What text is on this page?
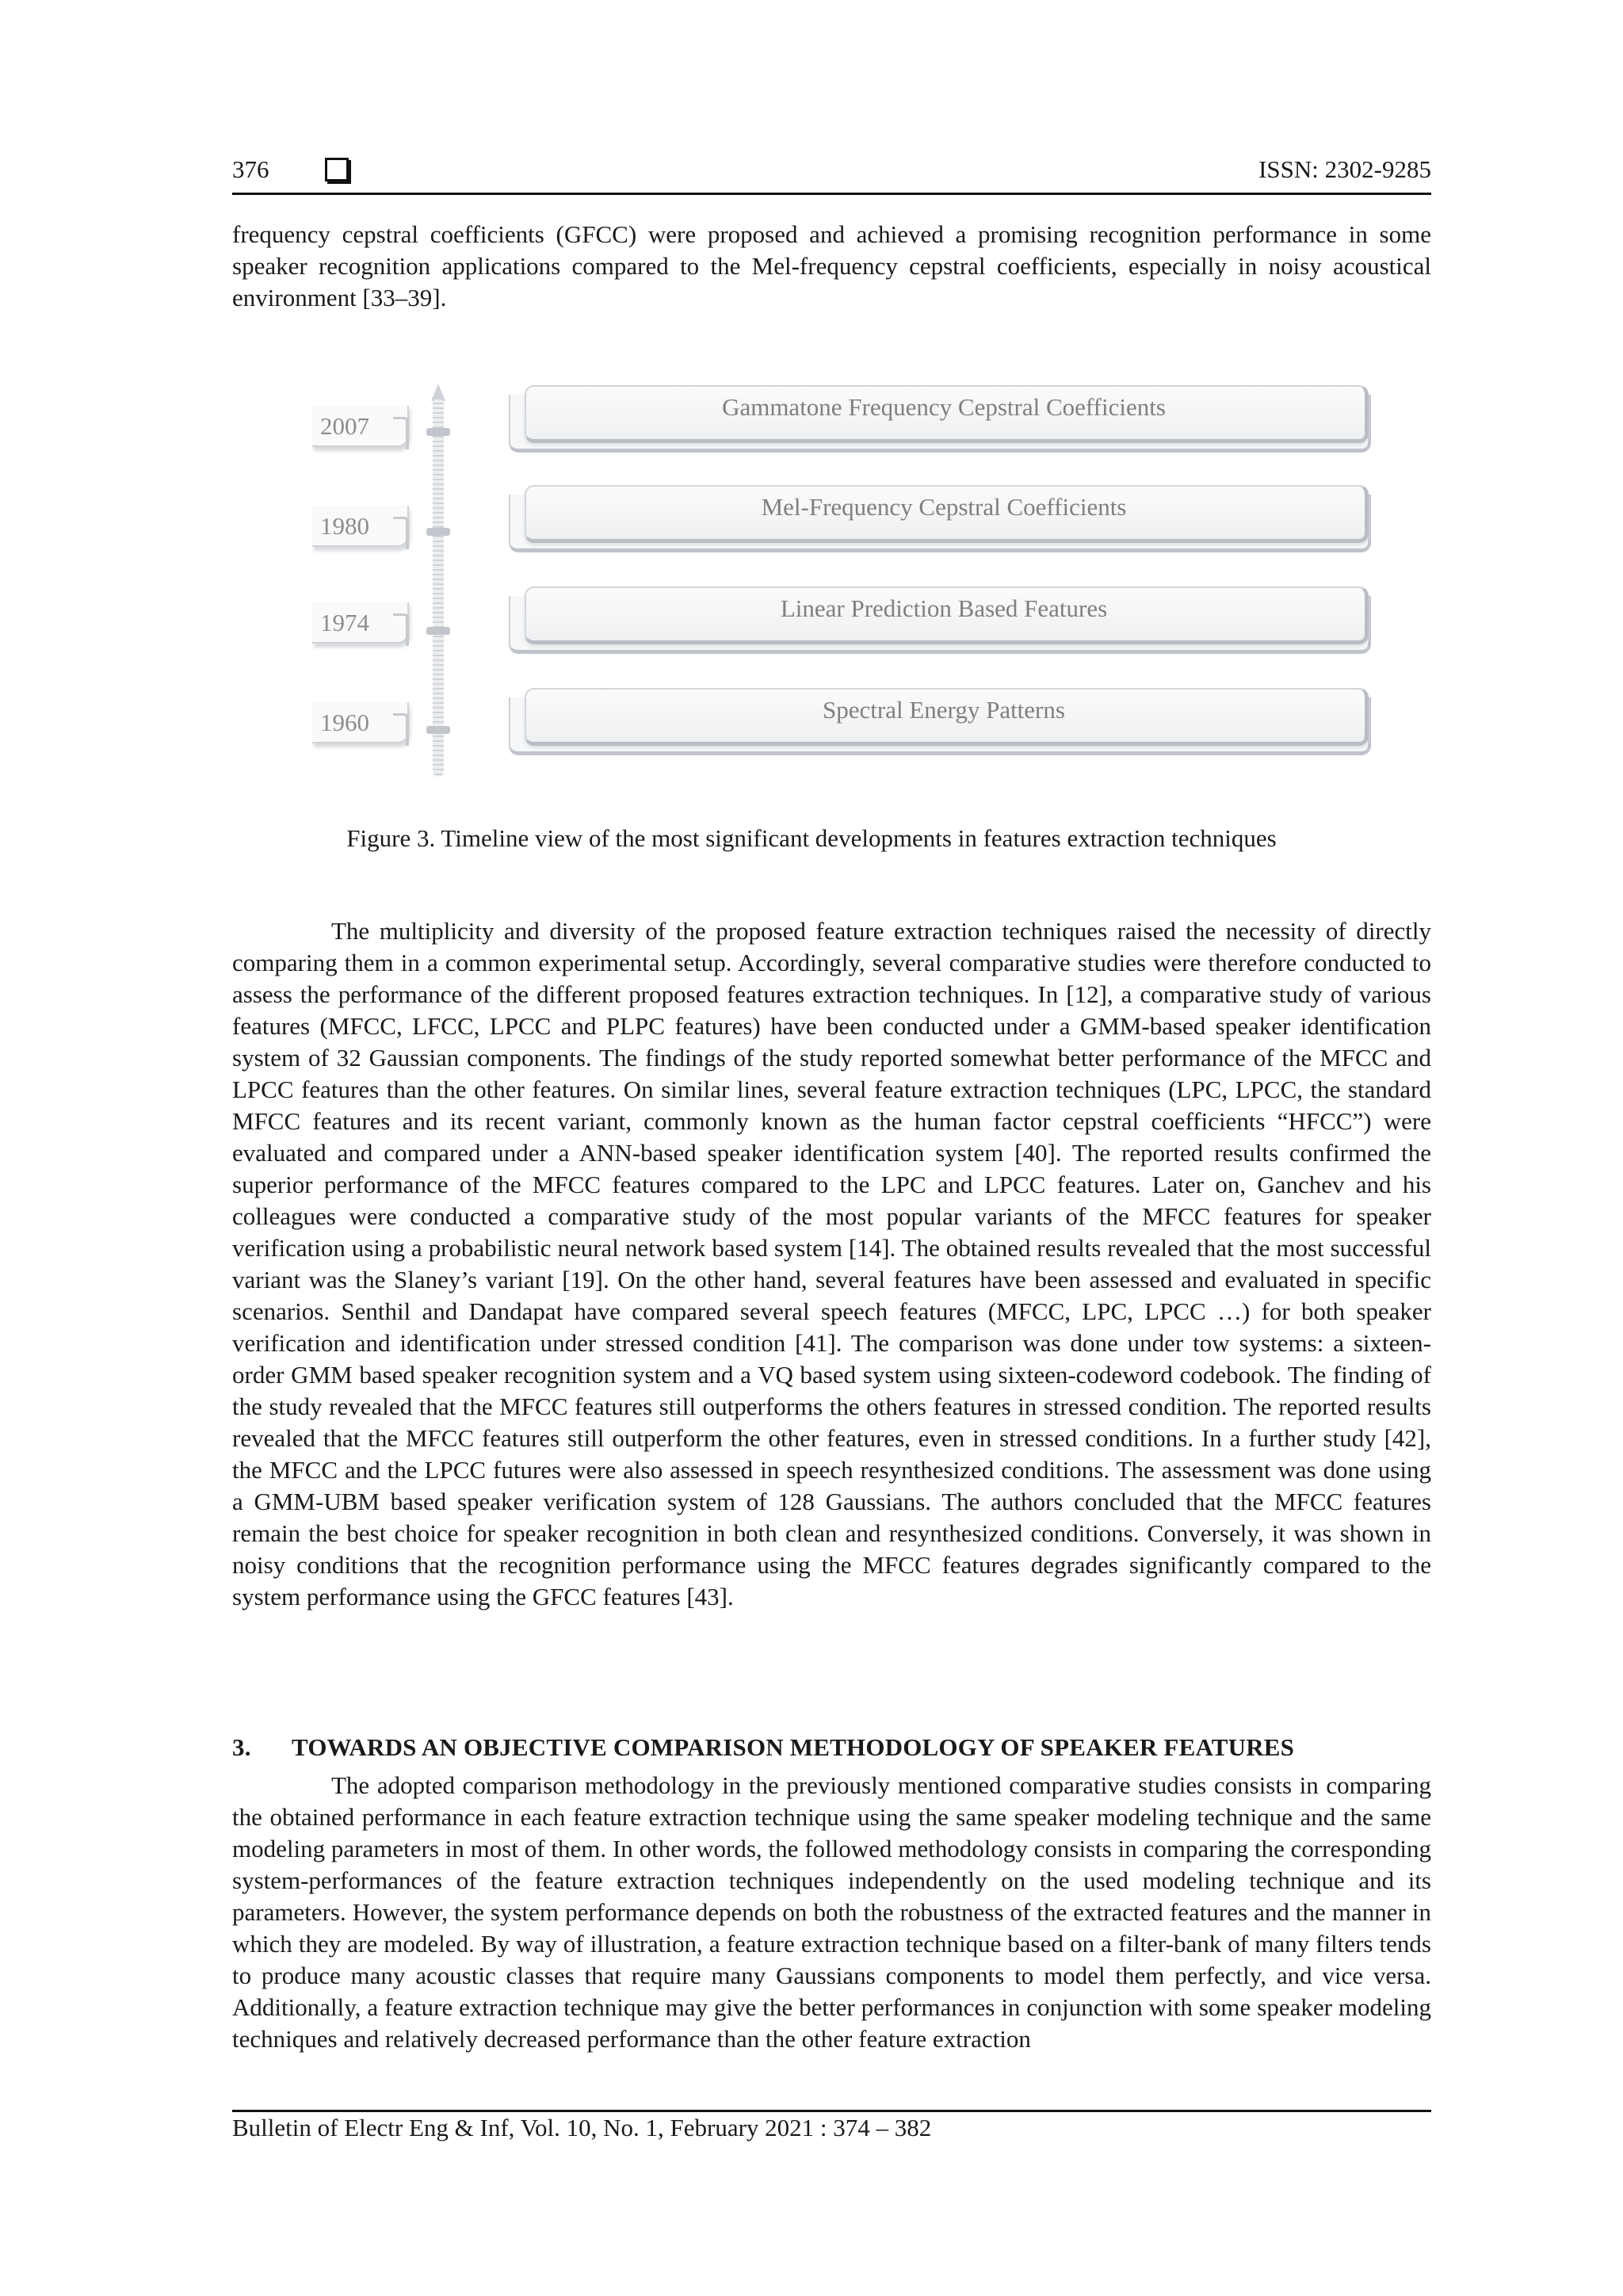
376	ISSN: 2302-9285

frequency cepstral coefficients (GFCC) were proposed and achieved a promising recognition performance in some speaker recognition applications compared to the Mel-frequency cepstral coefficients, especially in noisy acoustical environment [33–39].

2007
Gammatone Frequency Cepstral Coefficients
1980
Mel-Frequency Cepstral Coefficients
1974
Linear Prediction Based Features
1960	Spectral Energy Patterns
Figure 3. Timeline view of the most significant developments in features extraction techniques

The multiplicity and diversity of the proposed feature extraction techniques raised the necessity of directly comparing them in a common experimental setup. Accordingly, several comparative studies were therefore conducted to assess the performance of the different proposed features extraction techniques. In [12], a comparative study of various features (MFCC, LFCC, LPCC and PLPC features) have been conducted under a GMM-based speaker identification system of 32 Gaussian components. The findings of the study reported somewhat better performance of the MFCC and LPCC features than the other features. On similar lines, several feature extraction techniques (LPC, LPCC, the standard MFCC features and its recent variant, commonly known as the human factor cepstral coefficients “HFCC”) were evaluated and compared under a ANN-based speaker identification system [40]. The reported results confirmed the superior performance of the MFCC features compared to the LPC and LPCC features. Later on, Ganchev and his colleagues were conducted a comparative study of the most popular variants of the MFCC features for speaker verification using a probabilistic neural network based system [14]. The obtained results revealed that the most successful variant was the Slaney’s variant [19]. On the other hand, several features have been assessed and evaluated in specific scenarios. Senthil and Dandapat have compared several speech features (MFCC, LPC, LPCC …) for both speaker verification and identification under stressed condition [41]. The comparison was done under tow systems: a sixteen-order GMM based speaker recognition system and a VQ based system using sixteen-codeword codebook. The finding of the study revealed that the MFCC features still outperforms the others features in stressed condition. The reported results revealed that the MFCC features still outperform the other features, even in stressed conditions. In a further study [42], the MFCC and the LPCC futures were also assessed in speech resynthesized conditions. The assessment was done using a GMM-UBM based speaker verification system of 128 Gaussians. The authors concluded that the MFCC features remain the best choice for speaker recognition in both clean and resynthesized conditions. Conversely, it was shown in noisy conditions that the recognition performance using the MFCC features degrades significantly compared to the system performance using the GFCC features [43].

3. TOWARDS AN OBJECTIVE COMPARISON METHODOLOGY OF SPEAKER FEATURES

The adopted comparison methodology in the previously mentioned comparative studies consists in comparing the obtained performance in each feature extraction technique using the same speaker modeling technique and the same modeling parameters in most of them. In other words, the followed methodology consists in comparing the corresponding system-performances of the feature extraction techniques independently on the used modeling technique and its parameters. However, the system performance depends on both the robustness of the extracted features and the manner in which they are modeled. By way of illustration, a feature extraction technique based on a filter-bank of many filters tends to produce many acoustic classes that require many Gaussians components to model them perfectly, and vice versa. Additionally, a feature extraction technique may give the better performances in conjunction with some speaker modeling techniques and relatively decreased performance than the other feature extraction

Bulletin of Electr Eng & Inf, Vol. 10, No. 1, February 2021 : 374 – 382
